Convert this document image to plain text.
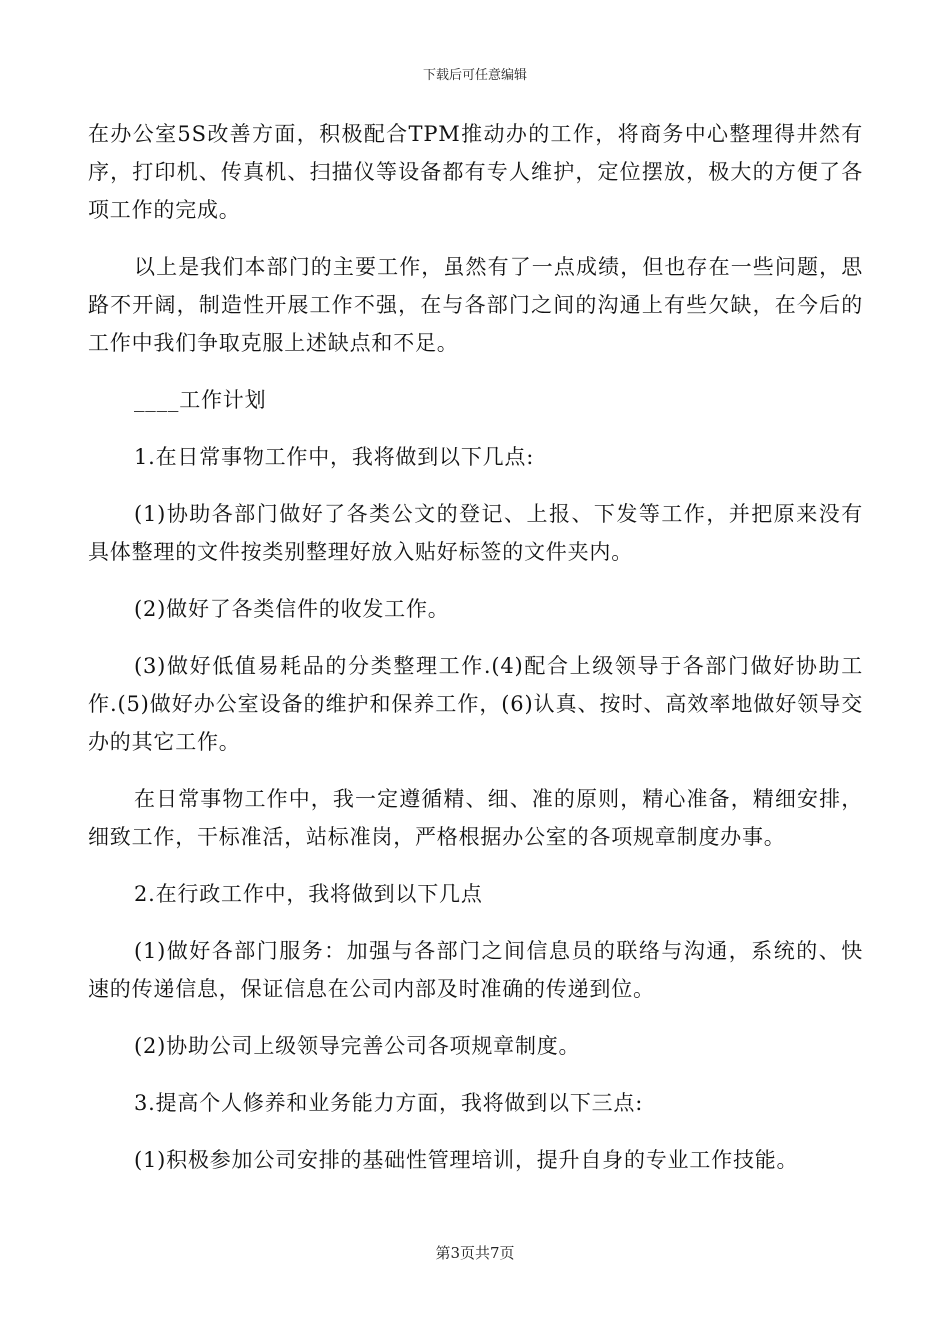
下载后可任意编辑

在办公室5S改善方面，积极配合TPM推动办的工作，将商务中心整理得井然有序，打印机、传真机、扫描仪等设备都有专人维护，定位摆放，极大的方便了各项工作的完成。

以上是我们本部门的主要工作，虽然有了一点成绩，但也存在一些问题，思路不开阔，制造性开展工作不强，在与各部门之间的沟通上有些欠缺，在今后的工作中我们争取克服上述缺点和不足。

____工作计划

1.在日常事物工作中，我将做到以下几点:

(1)协助各部门做好了各类公文的登记、上报、下发等工作，并把原来没有具体整理的文件按类别整理好放入贴好标签的文件夹内。

(2)做好了各类信件的收发工作。

(3)做好低值易耗品的分类整理工作.(4)配合上级领导于各部门做好协助工作.(5)做好办公室设备的维护和保养工作，(6)认真、按时、高效率地做好领导交办的其它工作。

在日常事物工作中，我一定遵循精、细、准的原则，精心准备，精细安排，细致工作，干标准活，站标准岗，严格根据办公室的各项规章制度办事。

2.在行政工作中，我将做到以下几点

(1)做好各部门服务：加强与各部门之间信息员的联络与沟通，系统的、快速的传递信息，保证信息在公司内部及时准确的传递到位。

(2)协助公司上级领导完善公司各项规章制度。

3.提高个人修养和业务能力方面，我将做到以下三点:

(1)积极参加公司安排的基础性管理培训，提升自身的专业工作技能。

第3页共7页
